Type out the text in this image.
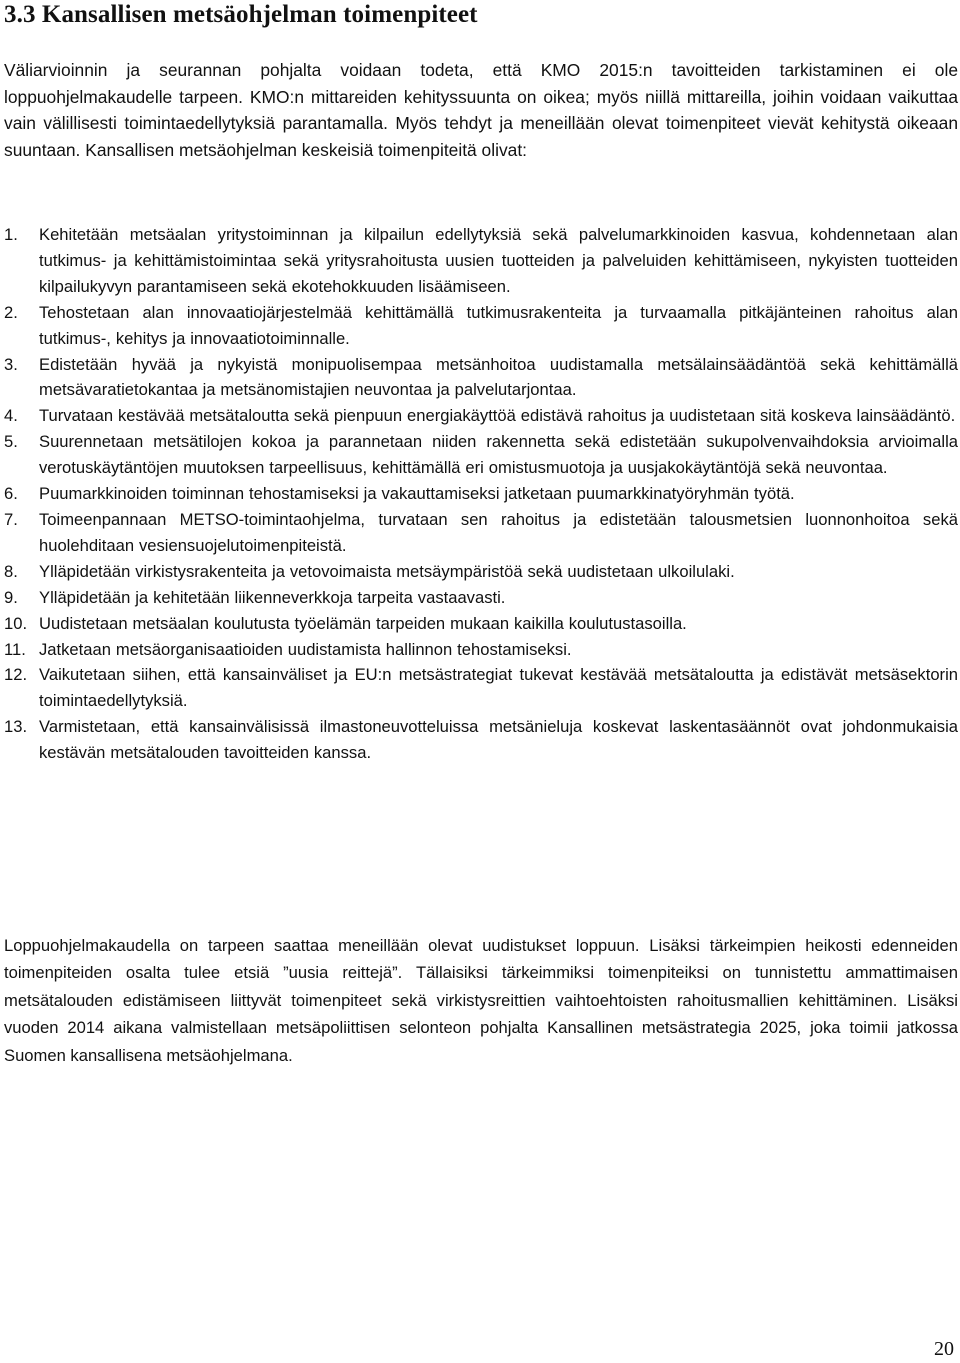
3.3 Kansallisen metsäohjelman toimenpiteet

Väliarvioinnin ja seurannan pohjalta voidaan todeta, että KMO 2015:n tavoitteiden tarkistaminen ei ole loppuohjelmakaudelle tarpeen. KMO:n mittareiden kehityssuunta on oikea; myös niillä mittareilla, joihin voidaan vaikuttaa vain välillisesti toimintaedellytyksiä parantamalla. Myös tehdyt ja meneillään olevat toimenpiteet vievät kehitystä oikeaan suuntaan. Kansallisen metsäohjelman keskeisiä toimenpiteitä olivat:

1.	Kehitetään metsäalan yritystoiminnan ja kilpailun edellytyksiä sekä palvelumarkkinoiden kasvua, kohdennetaan alan tutkimus- ja kehittämistoimintaa sekä yritysrahoitusta uusien tuotteiden ja palveluiden kehittämiseen, nykyisten tuotteiden kilpailukyvyn parantamiseen sekä ekotehokkuuden lisäämiseen.
2.	Tehostetaan alan innovaatiojärjestelmää kehittämällä tutkimusrakenteita ja turvaamalla pitkäjänteinen rahoitus alan tutkimus-, kehitys ja innovaatiotoiminnalle.
3.	Edistetään hyvää ja nykyistä monipuolisempaa metsänhoitoa uudistamalla metsälainsäädäntöä sekä kehittämällä metsävaratietokantaa ja metsänomistajien neuvontaa ja palvelutarjontaa.
4.	Turvataan kestävää metsätaloutta sekä pienpuun energiakäyttöä edistävä rahoitus ja uudistetaan sitä koskeva lainsäädäntö.
5.	Suurennetaan metsätilojen kokoa ja parannetaan niiden rakennetta sekä edistetään sukupolvenvaihdoksia arvioimalla verotuskäytäntöjen muutoksen tarpeellisuus, kehittämällä eri omistusmuotoja ja uusjakokäytäntöjä sekä neuvontaa.
6.	Puumarkkinoiden toiminnan tehostamiseksi ja vakauttamiseksi jatketaan puumarkkinatyöryhmän työtä.
7.	Toimeenpannaan METSO-toimintaohjelma, turvataan sen rahoitus ja edistetään talousmetsien luonnonhoitoa sekä huolehditaan vesiensuojelutoimenpiteistä.
8.	Ylläpidetään virkistysrakenteita ja vetovoimaista metsäympäristöä sekä uudistetaan ulkoilulaki.
9.	Ylläpidetään ja kehitetään liikenneverkkoja tarpeita vastaavasti.
10. Uudistetaan metsäalan koulutusta työelämän tarpeiden mukaan kaikilla koulutustasoilla.
11. Jatketaan metsäorganisaatioiden uudistamista hallinnon tehostamiseksi.
12. Vaikutetaan siihen, että kansainväliset ja EU:n metsästrategiat tukevat kestävää metsätaloutta ja edistävät metsäsektorin toimintaedellytyksiä.
13. Varmistetaan, että kansainvälisissä ilmastoneuvotteluissa metsänieluja koskevat laskentasäännöt ovat johdonmukaisia kestävän metsätalouden tavoitteiden kanssa.

Loppuohjelmakaudella on tarpeen saattaa meneillään olevat uudistukset loppuun. Lisäksi tärkeimpien heikosti edenneiden toimenpiteiden osalta tulee etsiä ”uusia reittejä”. Tällaisiksi tärkeimmiksi toimenpiteiksi on tunnistettu ammattimaisen metsätalouden edistämiseen liittyvät toimenpiteet sekä virkistysreittien vaihtoehtoisten rahoitusmallien kehittäminen. Lisäksi vuoden 2014 aikana valmistellaan metsäpoliittisen selonteon pohjalta Kansallinen metsästrategia 2025, joka toimii jatkossa Suomen kansallisena metsäohjelmana.

20
